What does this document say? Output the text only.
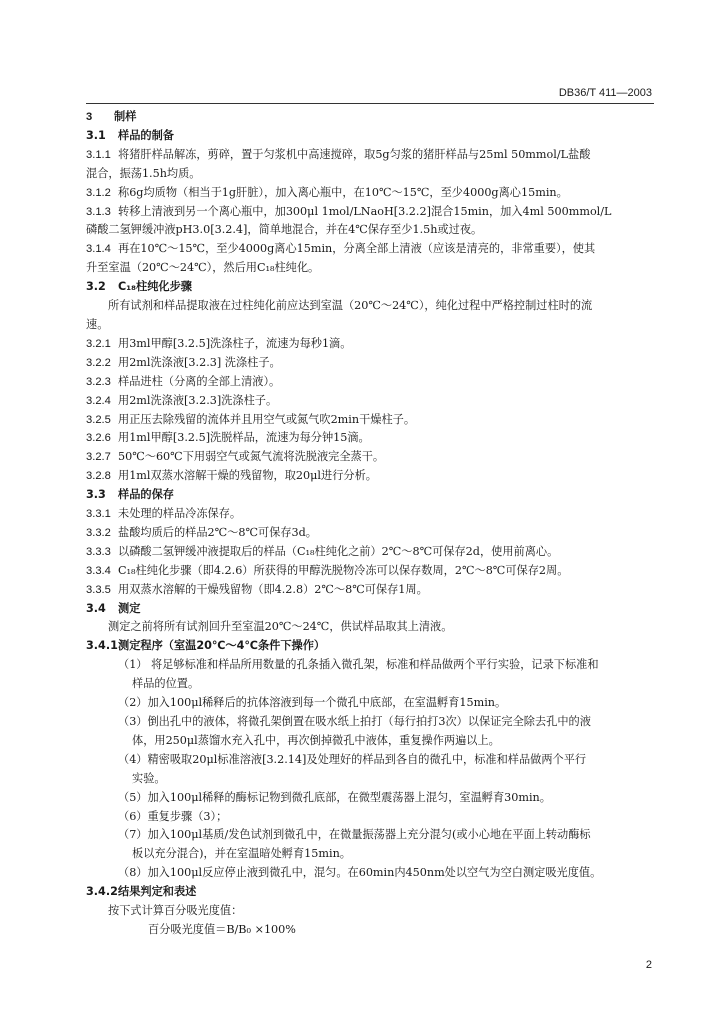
DB36/T 411—2003
3 制样
3.1 样品的制备
3.1.1 将猪肝样品解冻，剪碎，置于匀浆机中高速搅碎，取5g匀浆的猪肝样品与25ml 50mmol/L盐酸
混合，振荡1.5h均质。
3.1.2 称6g均质物（相当于1g肝脏），加入离心瓶中，在10℃～15℃，至少4000g离心15min。
3.1.3 转移上清液到另一个离心瓶中，加300μl 1mol/LNaoH[3.2.2]混合15min，加入4ml 500mmol/L
磷酸二氢钾缓冲液pH3.0[3.2.4]，简单地混合，并在4℃保存至少1.5h或过夜。
3.1.4 再在10℃～15℃，至少4000g离心15min，分离全部上清液（应该是清亮的，非常重要），使其
升至室温（20℃～24℃），然后用C₁₈柱纯化。
3.2 C₁₈柱纯化步骤
所有试剂和样品提取液在过柱纯化前应达到室温（20℃～24℃），纯化过程中严格控制过柱时的流
速。
3.2.1 用3ml甲醇[3.2.5]洗涤柱子，流速为每秒1滴。
3.2.2 用2ml洗涤液[3.2.3] 洗涤柱子。
3.2.3 样品进柱（分离的全部上清液）。
3.2.4 用2ml洗涤液[3.2.3]洗涤柱子。
3.2.5 用正压去除残留的流体并且用空气或氮气吹2min干燥柱子。
3.2.6 用1ml甲醇[3.2.5]洗脱样品，流速为每分钟15滴。
3.2.7 50℃～60℃下用弱空气或氮气流将洗脱液完全蒸干。
3.2.8 用1ml双蒸水溶解干燥的残留物，取20μl进行分析。
3.3 样品的保存
3.3.1 未处理的样品冷冻保存。
3.3.2 盐酸均质后的样品2℃～8℃可保存3d。
3.3.3 以磷酸二氢钾缓冲液提取后的样品（C₁₈柱纯化之前）2℃～8℃可保存2d，使用前离心。
3.3.4 C₁₈柱纯化步骤（即4.2.6）所获得的甲醇洗脱物冷冻可以保存数周，2℃～8℃可保存2周。
3.3.5 用双蒸水溶解的干燥残留物（即4.2.8）2℃～8℃可保存1周。
3.4 测定
测定之前将所有试剂回升至室温20℃～24℃，供试样品取其上清液。
3.4.1测定程序（室温20℃～4℃条件下操作）
（1） 将足够标准和样品所用数量的孔条插入微孔架，标准和样品做两个平行实验，记录下标准和
样品的位置。
（2）加入100μl稀释后的抗体溶液到每一个微孔中底部，在室温孵育15min。
（3）倒出孔中的液体，将微孔架倒置在吸水纸上拍打（每行拍打3次）以保证完全除去孔中的液
体，用250μl蒸馏水充入孔中，再次倒掉微孔中液体，重复操作两遍以上。
（4）精密吸取20μl标准溶液[3.2.14]及处理好的样品到各自的微孔中，标准和样品做两个平行
实验。
（5）加入100μl稀释的酶标记物到微孔底部，在微型震荡器上混匀，室温孵育30min。
（6）重复步骤（3）；
（7）加入100μl基质/发色试剂到微孔中，在微量振荡器上充分混匀(或小心地在平面上转动酶标
板以充分混合)，并在室温暗处孵育15min。
（8）加入100μl反应停止液到微孔中，混匀。在60min内450nm处以空气为空白测定吸光度值。
3.4.2结果判定和表述
按下式计算百分吸光度值：
百分吸光度值＝B/B₀ ×100%
2
